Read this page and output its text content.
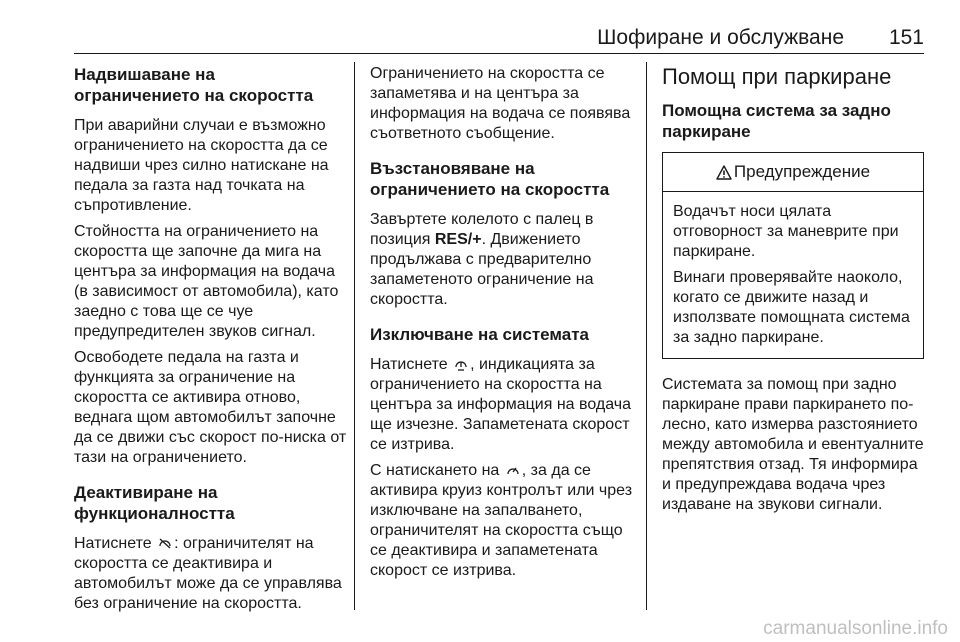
Шофиране и обслужване 151
Надвишаване на
ограничението на скоростта

При аварийни случаи е възможно ограничението на скоростта да се надвиши чрез силно натискане на педала за газта над точката на съпротивление.

Стойността на ограничението на скоростта ще започне да мига на центъра за информация на водача (в зависимост от автомобила), като заедно с това ще се чуе предупредителен звуков сигнал.

Освободете педала на газта и функцията за ограничение на скоростта се активира отново, веднага щом автомобилът започне да се движи със скорост по-ниска от тази на ограничението.

Деактивиране на
функционалността

Натиснете : ограничителят на скоростта се деактивира и автомобилът може да се управлява без ограничение на скоростта.

Ограничението на скоростта се запаметява и на центъра за информация на водача се появява съответното съобщение.

Възстановяване на
ограничението на скоростта

Завъртете колелото с палец в позиция RES/+. Движението продължава с предварително запаметеното ограничение на скоростта.

Изключване на системата

Натиснете , индикацията за ограничението на скоростта на центъра за информация на водача ще изчезне. Запаметената скорост се изтрива.

С натискането на , за да се активира круиз контролът или чрез изключване на запалването, ограничителят на скоростта също се деактивира и запаметената скорост се изтрива.

Помощ при паркиране
Помощна система за задно
паркиране
Предупреждение

Водачът носи цялата отговорност за маневрите при паркиране.

Винаги проверявайте наоколо, когато се движите назад и използвате помощната система за задно паркиране.

Системата за помощ при задно паркиране прави паркирането по-лесно, като измерва разстоянието между автомобила и евентуалните препятствия отзад. Тя информира и предупреждава водача чрез издаване на звукови сигнали.

carmanualsonline.info
